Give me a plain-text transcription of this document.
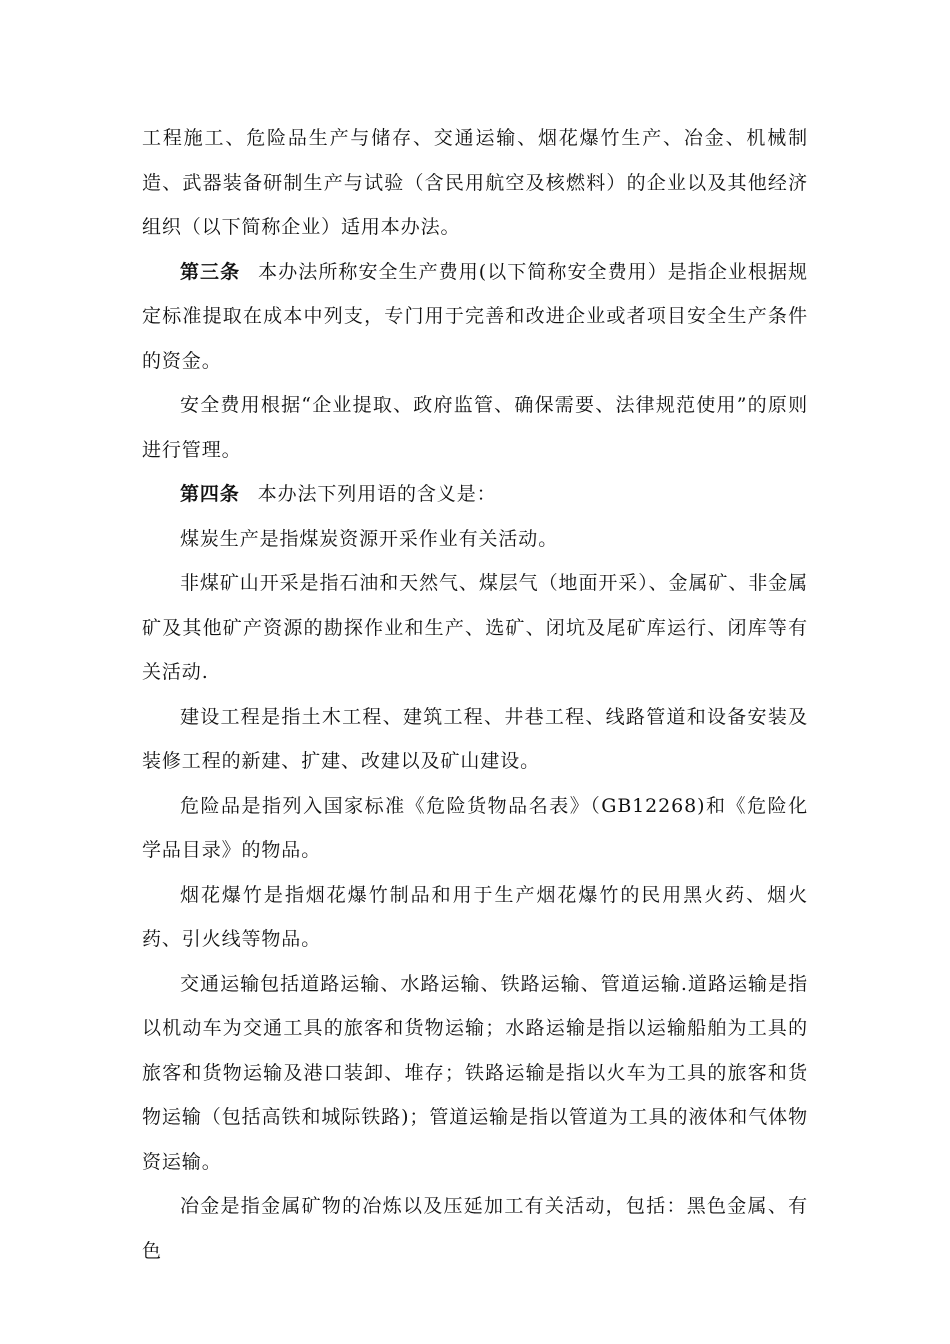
工程施工、危险品生产与储存、交通运输、烟花爆竹生产、冶金、机械制造、武器装备研制生产与试验（含民用航空及核燃料）的企业以及其他经济组织（以下简称企业）适用本办法。

第三条 本办法所称安全生产费用(以下简称安全费用）是指企业根据规定标准提取在成本中列支，专门用于完善和改进企业或者项目安全生产条件的资金。

安全费用根据“企业提取、政府监管、确保需要、法律规范使用”的原则进行管理。

第四条 本办法下列用语的含义是：

煤炭生产是指煤炭资源开采作业有关活动。

非煤矿山开采是指石油和天然气、煤层气（地面开采）、金属矿、非金属矿及其他矿产资源的勘探作业和生产、选矿、闭坑及尾矿库运行、闭库等有关活动.

建设工程是指土木工程、建筑工程、井巷工程、线路管道和设备安装及装修工程的新建、扩建、改建以及矿山建设。

危险品是指列入国家标准《危险货物品名表》（GB12268)和《危险化学品目录》的物品。

烟花爆竹是指烟花爆竹制品和用于生产烟花爆竹的民用黑火药、烟火药、引火线等物品。

交通运输包括道路运输、水路运输、铁路运输、管道运输.道路运输是指以机动车为交通工具的旅客和货物运输；水路运输是指以运输船舶为工具的旅客和货物运输及港口装卸、堆存；铁路运输是指以火车为工具的旅客和货物运输（包括高铁和城际铁路)；管道运输是指以管道为工具的液体和气体物资运输。

冶金是指金属矿物的冶炼以及压延加工有关活动，包括：黑色金属、有色
